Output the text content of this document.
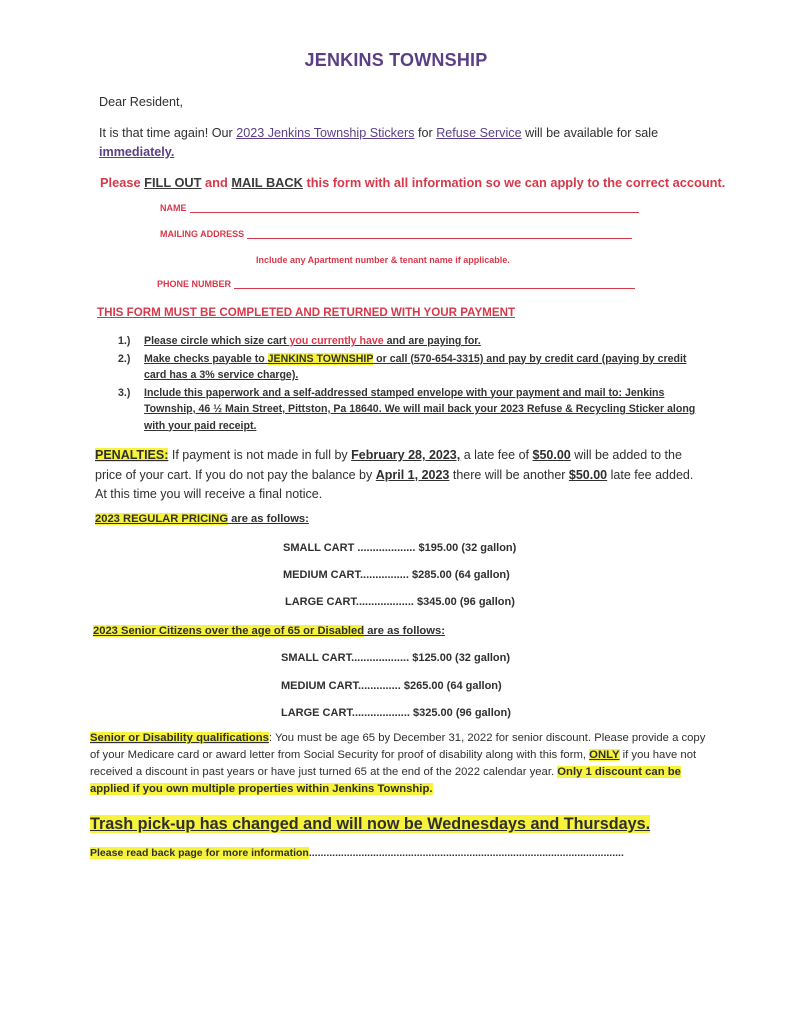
JENKINS TOWNSHIP
Dear Resident,
It is that time again! Our 2023 Jenkins Township Stickers for Refuse Service will be available for sale
immediately.
Please FILL OUT and MAIL BACK this form with all information so we can apply to the correct account.
NAME
MAILING ADDRESS
Include any Apartment number & tenant name if applicable.
PHONE NUMBER
THIS FORM MUST BE COMPLETED AND RETURNED WITH YOUR PAYMENT
1.)	Please circle which size cart you currently have and are paying for.
2.)	Make checks payable to JENKINS TOWNSHIP or call (570-654-3315) and pay by credit card (paying by credit card has a 3% service charge).
3.)	Include this paperwork and a self-addressed stamped envelope with your payment and mail to: Jenkins Township, 46 ½ Main Street, Pittston, Pa 18640. We will mail back your 2023 Refuse & Recycling Sticker along with your paid receipt.
PENALTIES: If payment is not made in full by February 28, 2023, a late fee of $50.00 will be added to the price of your cart. If you do not pay the balance by April 1, 2023 there will be another $50.00 late fee added. At this time you will receive a final notice.
2023 REGULAR PRICING are as follows:
SMALL CART ................... $195.00 (32 gallon)
MEDIUM CART................ $285.00 (64 gallon)
LARGE CART................... $345.00 (96 gallon)
2023 Senior Citizens over the age of 65 or Disabled are as follows:
SMALL CART................... $125.00 (32 gallon)
MEDIUM CART.............. $265.00 (64 gallon)
LARGE CART................... $325.00 (96 gallon)
Senior or Disability qualifications: You must be age 65 by December 31, 2022 for senior discount. Please provide a copy of your Medicare card or award letter from Social Security for proof of disability along with this form, ONLY if you have not received a discount in past years or have just turned 65 at the end of the 2022 calendar year. Only 1 discount can be applied if you own multiple properties within Jenkins Township.
Trash pick-up has changed and will now be Wednesdays and Thursdays.
Please read back page for more information............................................................................................................
